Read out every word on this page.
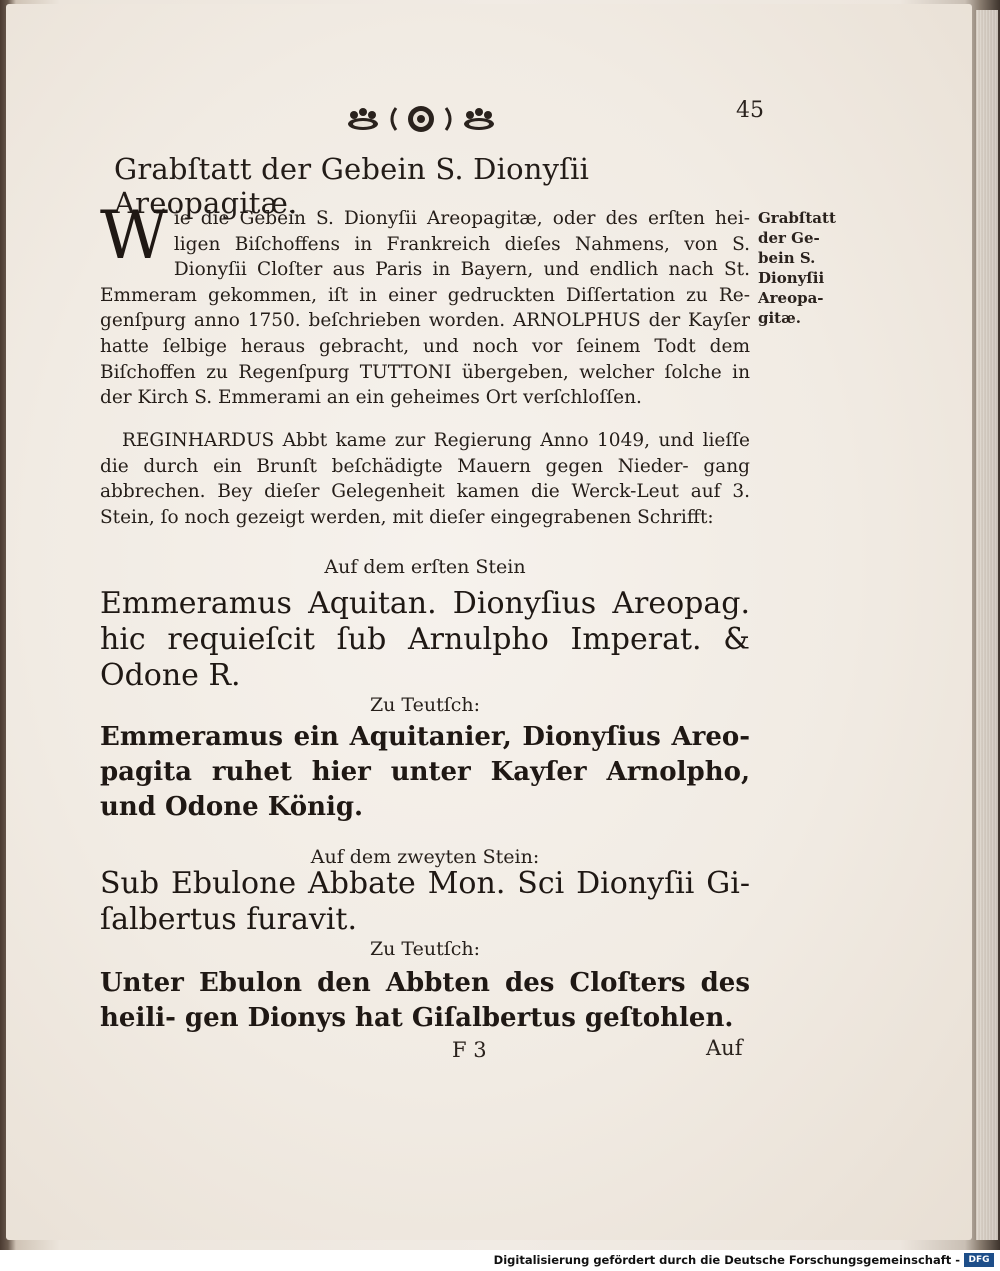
45
Grabſtatt der Gebein S. Dionyſii Areopagitæ.
W ie die Gebein S. Dionyſii Areopagitæ, oder des erſten hei- ligen Biſchoffens in Frankreich dieſes Nahmens, von S. Dionyſii Cloſter aus Paris in Bayern, und endlich nach St. Emmeram gekommen, iſt in einer gedruckten Diſſertation zu Re- genſpurg anno 1750. beſchrieben worden. ARNOLPHUS der Kayſer hatte ſelbige heraus gebracht, und noch vor ſeinem Todt dem Biſchoffen zu Regenſpurg TUTTONI übergeben, welcher ſolche in der Kirch S. Emmerami an ein geheimes Ort verſchloſſen.
Grabſtatt der Ge- bein S. Dionyſii Areopa- gitæ.
REGINHARDUS Abbt kame zur Regierung Anno 1049, und lieſſe die durch ein Brunſt beſchädigte Mauern gegen Nieder- gang abbrechen. Bey dieſer Gelegenheit kamen die Werck-Leut auf 3. Stein, ſo noch gezeigt werden, mit dieſer eingegrabenen Schrifft:
Auf dem erſten Stein
Emmeramus Aquitan. Dionyſius Areopag. hic requieſcit ſub Arnulpho Imperat. & Odone R.
Zu Teutſch:
Emmeramus ein Aquitanier, Dionyſius Areo- pagita ruhet hier unter Kayſer Arnolpho, und Odone König.
Auf dem zweyten Stein:
Sub Ebulone Abbate Mon. Sci Dionyſii Gi- ſalbertus furavit.
Zu Teutſch:
Unter Ebulon den Abbten des Cloſters des heili- gen Dionys hat Giſalbertus geſtohlen.
F 3	Auf
Digitalisierung gefördert durch die Deutsche Forschungsgemeinschaft - DFG
